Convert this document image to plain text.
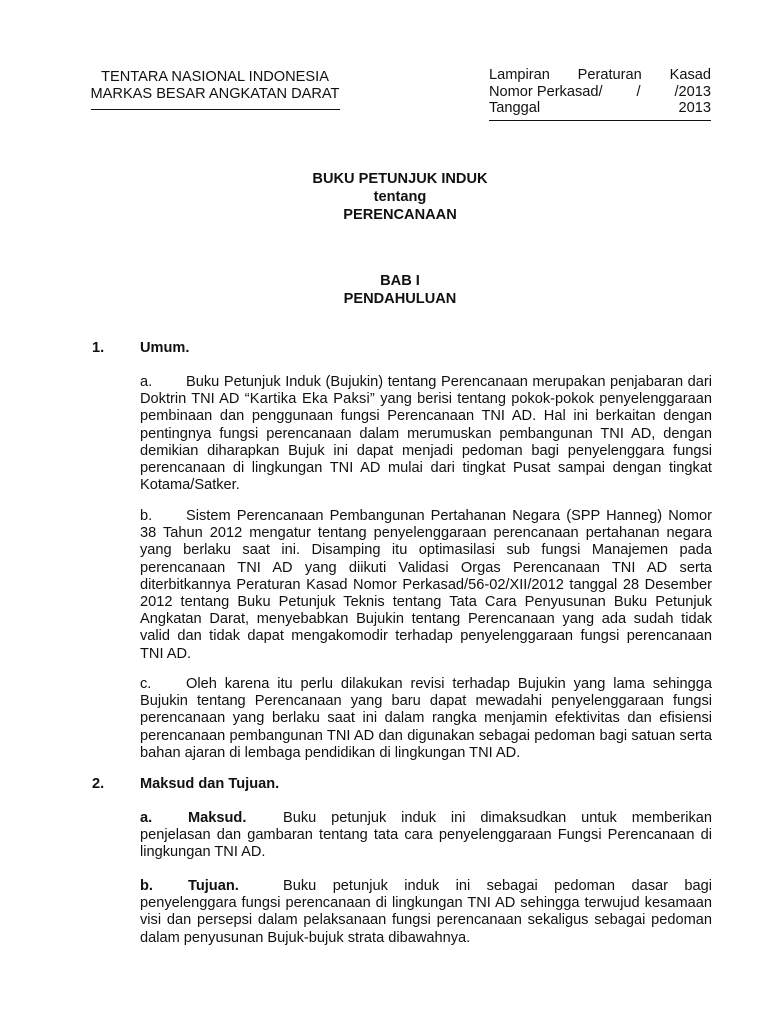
TENTARA NASIONAL INDONESIA
MARKAS BESAR ANGKATAN DARAT
Lampiran Peraturan Kasad
Nomor Perkasad/ / /2013
Tanggal	2013
BUKU PETUNJUK INDUK
tentang
PERENCANAAN
BAB I
PENDAHULUAN
1. Umum.
a. Buku Petunjuk Induk (Bujukin) tentang Perencanaan merupakan penjabaran dari Doktrin TNI AD “Kartika Eka Paksi” yang berisi tentang pokok-pokok penyelenggaraan pembinaan dan penggunaan fungsi Perencanaan TNI AD. Hal ini berkaitan dengan pentingnya fungsi perencanaan dalam merumuskan pembangunan TNI AD, dengan demikian diharapkan Bujuk ini dapat menjadi pedoman bagi penyelenggara fungsi perencanaan di lingkungan TNI AD mulai dari tingkat Pusat sampai dengan tingkat Kotama/Satker.
b. Sistem Perencanaan Pembangunan Pertahanan Negara (SPP Hanneg) Nomor 38 Tahun 2012 mengatur tentang penyelenggaraan perencanaan pertahanan negara yang berlaku saat ini. Disamping itu optimasilasi sub fungsi Manajemen pada perencanaan TNI AD yang diikuti Validasi Orgas Perencanaan TNI AD serta diterbitkannya Peraturan Kasad Nomor Perkasad/56-02/XII/2012 tanggal 28 Desember 2012 tentang Buku Petunjuk Teknis tentang Tata Cara Penyusunan Buku Petunjuk Angkatan Darat, menyebabkan Bujukin tentang Perencanaan yang ada sudah tidak valid dan tidak dapat mengakomodir terhadap penyelenggaraan fungsi perencanaan TNI AD.
c. Oleh karena itu perlu dilakukan revisi terhadap Bujukin yang lama sehingga Bujukin tentang Perencanaan yang baru dapat mewadahi penyelenggaraan fungsi perencanaan yang berlaku saat ini dalam rangka menjamin efektivitas dan efisiensi perencanaan pembangunan TNI AD dan digunakan sebagai pedoman bagi satuan serta bahan ajaran di lembaga pendidikan di lingkungan TNI AD.
2. Maksud dan Tujuan.
a. Maksud.	Buku petunjuk induk ini dimaksudkan untuk memberikan penjelasan dan gambaran tentang tata cara penyelenggaraan Fungsi Perencanaan di lingkungan TNI AD.
b. Tujuan.	Buku petunjuk induk ini sebagai pedoman dasar bagi penyelenggara fungsi perencanaan di lingkungan TNI AD sehingga terwujud kesamaan visi dan persepsi dalam pelaksanaan fungsi perencanaan sekaligus sebagai pedoman dalam penyusunan Bujuk-bujuk strata dibawahnya.
